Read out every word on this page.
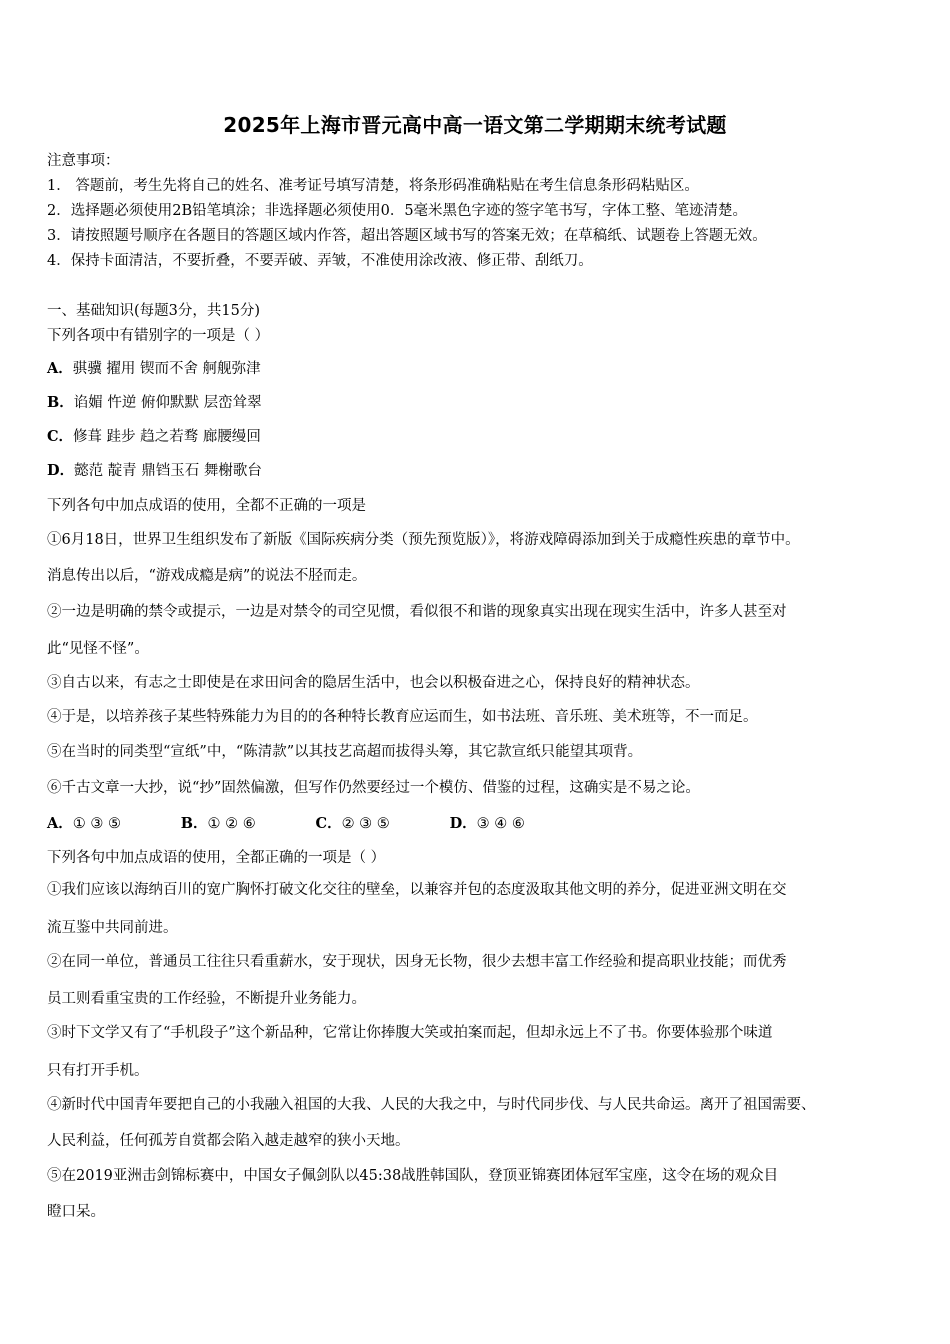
2025年上海市晋元高中高一语文第二学期期末统考试题
注意事项：
1． 答题前，考生先将自己的姓名、准考证号填写清楚，将条形码准确粘贴在考生信息条形码粘贴区。
2．选择题必须使用2B铅笔填涂；非选择题必须使用0．5毫米黑色字迹的签字笔书写，字体工整、笔迹清楚。
3．请按照题号顺序在各题目的答题区域内作答，超出答题区域书写的答案无效；在草稿纸、试题卷上答题无效。
4．保持卡面清洁，不要折叠，不要弄破、弄皱，不准使用涂改液、修正带、刮纸刀。
一、基础知识(每题3分，共15分)
下列各项中有错别字的一项是（ ）
A．骐骥 擢用 锲而不舍 舸舰弥津
B．谄媚 忤逆 俯仰默默 层峦耸翠
C．修葺 跬步 趋之若骛 廊腰缦回
D．懿范 靛青 鼎铛玉石 舞榭歌台
下列各句中加点成语的使用，全都不正确的一项是
①6月18日，世界卫生组织发布了新版《国际疾病分类（预先预览版）》，将游戏障碍添加到关于成瘾性疾患的章节中。
消息传出以后，“游戏成瘾是病”的说法不胫而走。
②一边是明确的禁令或提示，一边是对禁令的司空见惯，看似很不和谐的现象真实出现在现实生活中，许多人甚至对
此“见怪不怪”。
③自古以来，有志之士即使是在求田问舍的隐居生活中，也会以积极奋进之心，保持良好的精神状态。
④于是，以培养孩子某些特殊能力为目的的各种特长教育应运而生，如书法班、音乐班、美术班等，不一而足。
⑤在当时的同类型“宣纸”中，“陈清款”以其技艺高超而拔得头筹，其它款宣纸只能望其项背。
⑥千古文章一大抄，说“抄”固然偏激，但写作仍然要经过一个模仿、借鉴的过程，这确实是不易之论。
A．① ③ ⑤	B．① ② ⑥	C．② ③ ⑤	D．③ ④ ⑥
下列各句中加点成语的使用，全都正确的一项是（ ）
①我们应该以海纳百川的宽广胸怀打破文化交往的壁垒，以兼容并包的态度汲取其他文明的养分，促进亚洲文明在交
流互鉴中共同前进。
②在同一单位，普通员工往往只看重薪水，安于现状，因身无长物，很少去想丰富工作经验和提高职业技能；而优秀
员工则看重宝贵的工作经验，不断提升业务能力。
③时下文学又有了“手机段子”这个新品种，它常让你捧腹大笑或拍案而起，但却永远上不了书。你要体验那个味道
只有打开手机。
④新时代中国青年要把自己的小我融入祖国的大我、人民的大我之中，与时代同步伐、与人民共命运。离开了祖国需要、
人民利益，任何孤芳自赏都会陷入越走越窄的狭小天地。
⑤在2019亚洲击剑锦标赛中，中国女子佩剑队以45:38战胜韩国队，登顶亚锦赛团体冠军宝座，这令在场的观众目
瞪口呆。
